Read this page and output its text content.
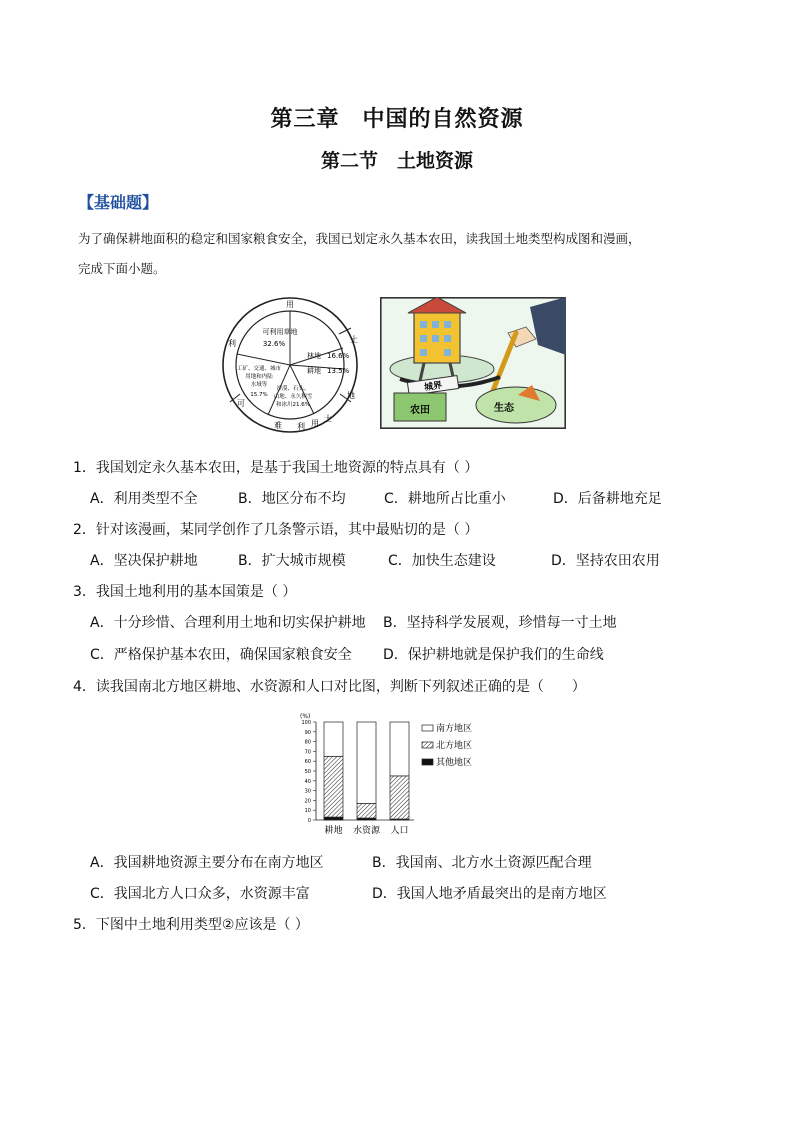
第三章　中国的自然资源
第二节　土地资源
【基础题】
为了确保耕地面积的稳定和国家粮食安全，我国已划定永久基本农田，读我国土地类型构成图和漫画，
完成下面小题。
用
土
地
土
用
利
难
可
利
可利用草地
32.6%
林地 16.6%
耕地 13.5%
工矿、交通、城市
用地和内陆
水域等
15.7%
沙漠、石头、
山地、永久积雪
和冰川21.6%
城界
农田	生态
1．我国划定永久基本农田，是基于我国土地资源的特点具有（ ）
A．利用类型不全	B．地区分布不均	C．耕地所占比重小	D．后备耕地充足
2．针对该漫画，某同学创作了几条警示语，其中最贴切的是（ ）
A．坚决保护耕地	B．扩大城市规模	C．加快生态建设	D．坚持农田农用
3．我国土地利用的基本国策是（ ）
A．十分珍惜、合理利用土地和切实保护耕地 B．坚持科学发展观，珍惜每一寸土地
C．严格保护基本农田，确保国家粮食安全 D．保护耕地就是保护我们的生命线
4．读我国南北方地区耕地、水资源和人口对比图，判断下列叙述正确的是（　　）
(%)
0
10
20
30
40
50
60
70
80
90
100
耕地 水资源 人口
南方地区
北方地区
其他地区
A．我国耕地资源主要分布在南方地区	B．我国南、北方水土资源匹配合理
C．我国北方人口众多，水资源丰富	D．我国人地矛盾最突出的是南方地区
5．下图中土地利用类型②应该是（ ）
